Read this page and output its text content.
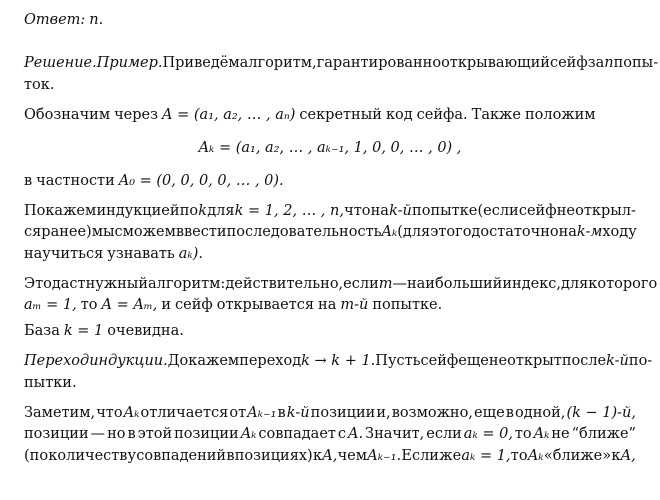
Ответ: n.
Решение. Пример. Приведём алгоритм, гарантированно открывающий сейф за n попы-
ток.
Обозначим через A = (a₁, a₂, … , aₙ) секретный код сейфа. Также положим
Aₖ = (a₁, a₂, … , aₖ₋₁, 1, 0, 0, … , 0) ,
в частности A₀ = (0, 0, 0, 0, … , 0).
Покажем индукцией по k для k = 1, 2, … , n, что на k-й попытке (если сейф не открыл-
ся ранее) мы сможем ввести последовательность Aₖ (для этого достаточно на k-м ходу
научиться узнавать aₖ).
Это даст нужный алгоритм: действительно, если m — наибольший индекс, для которого
aₘ = 1, то A = Aₘ, и сейф открывается на m-й попытке.
База k = 1 очевидна.
Переход индукции. Докажем переход k → k + 1. Пусть сейф еще не открыт после k-й по-
пытки.
Заметим, что Aₖ отличается от Aₖ₋₁ в k-й позиции и, возможно, еще в одной, (k − 1)-й,
позиции — но в этой позиции Aₖ совпадает с A. Значит, если aₖ = 0, то Aₖ не “ближе”
(по количеству совпадений в позициях) к A, чем Aₖ₋₁. Если же aₖ = 1, то Aₖ «ближе» к A,
